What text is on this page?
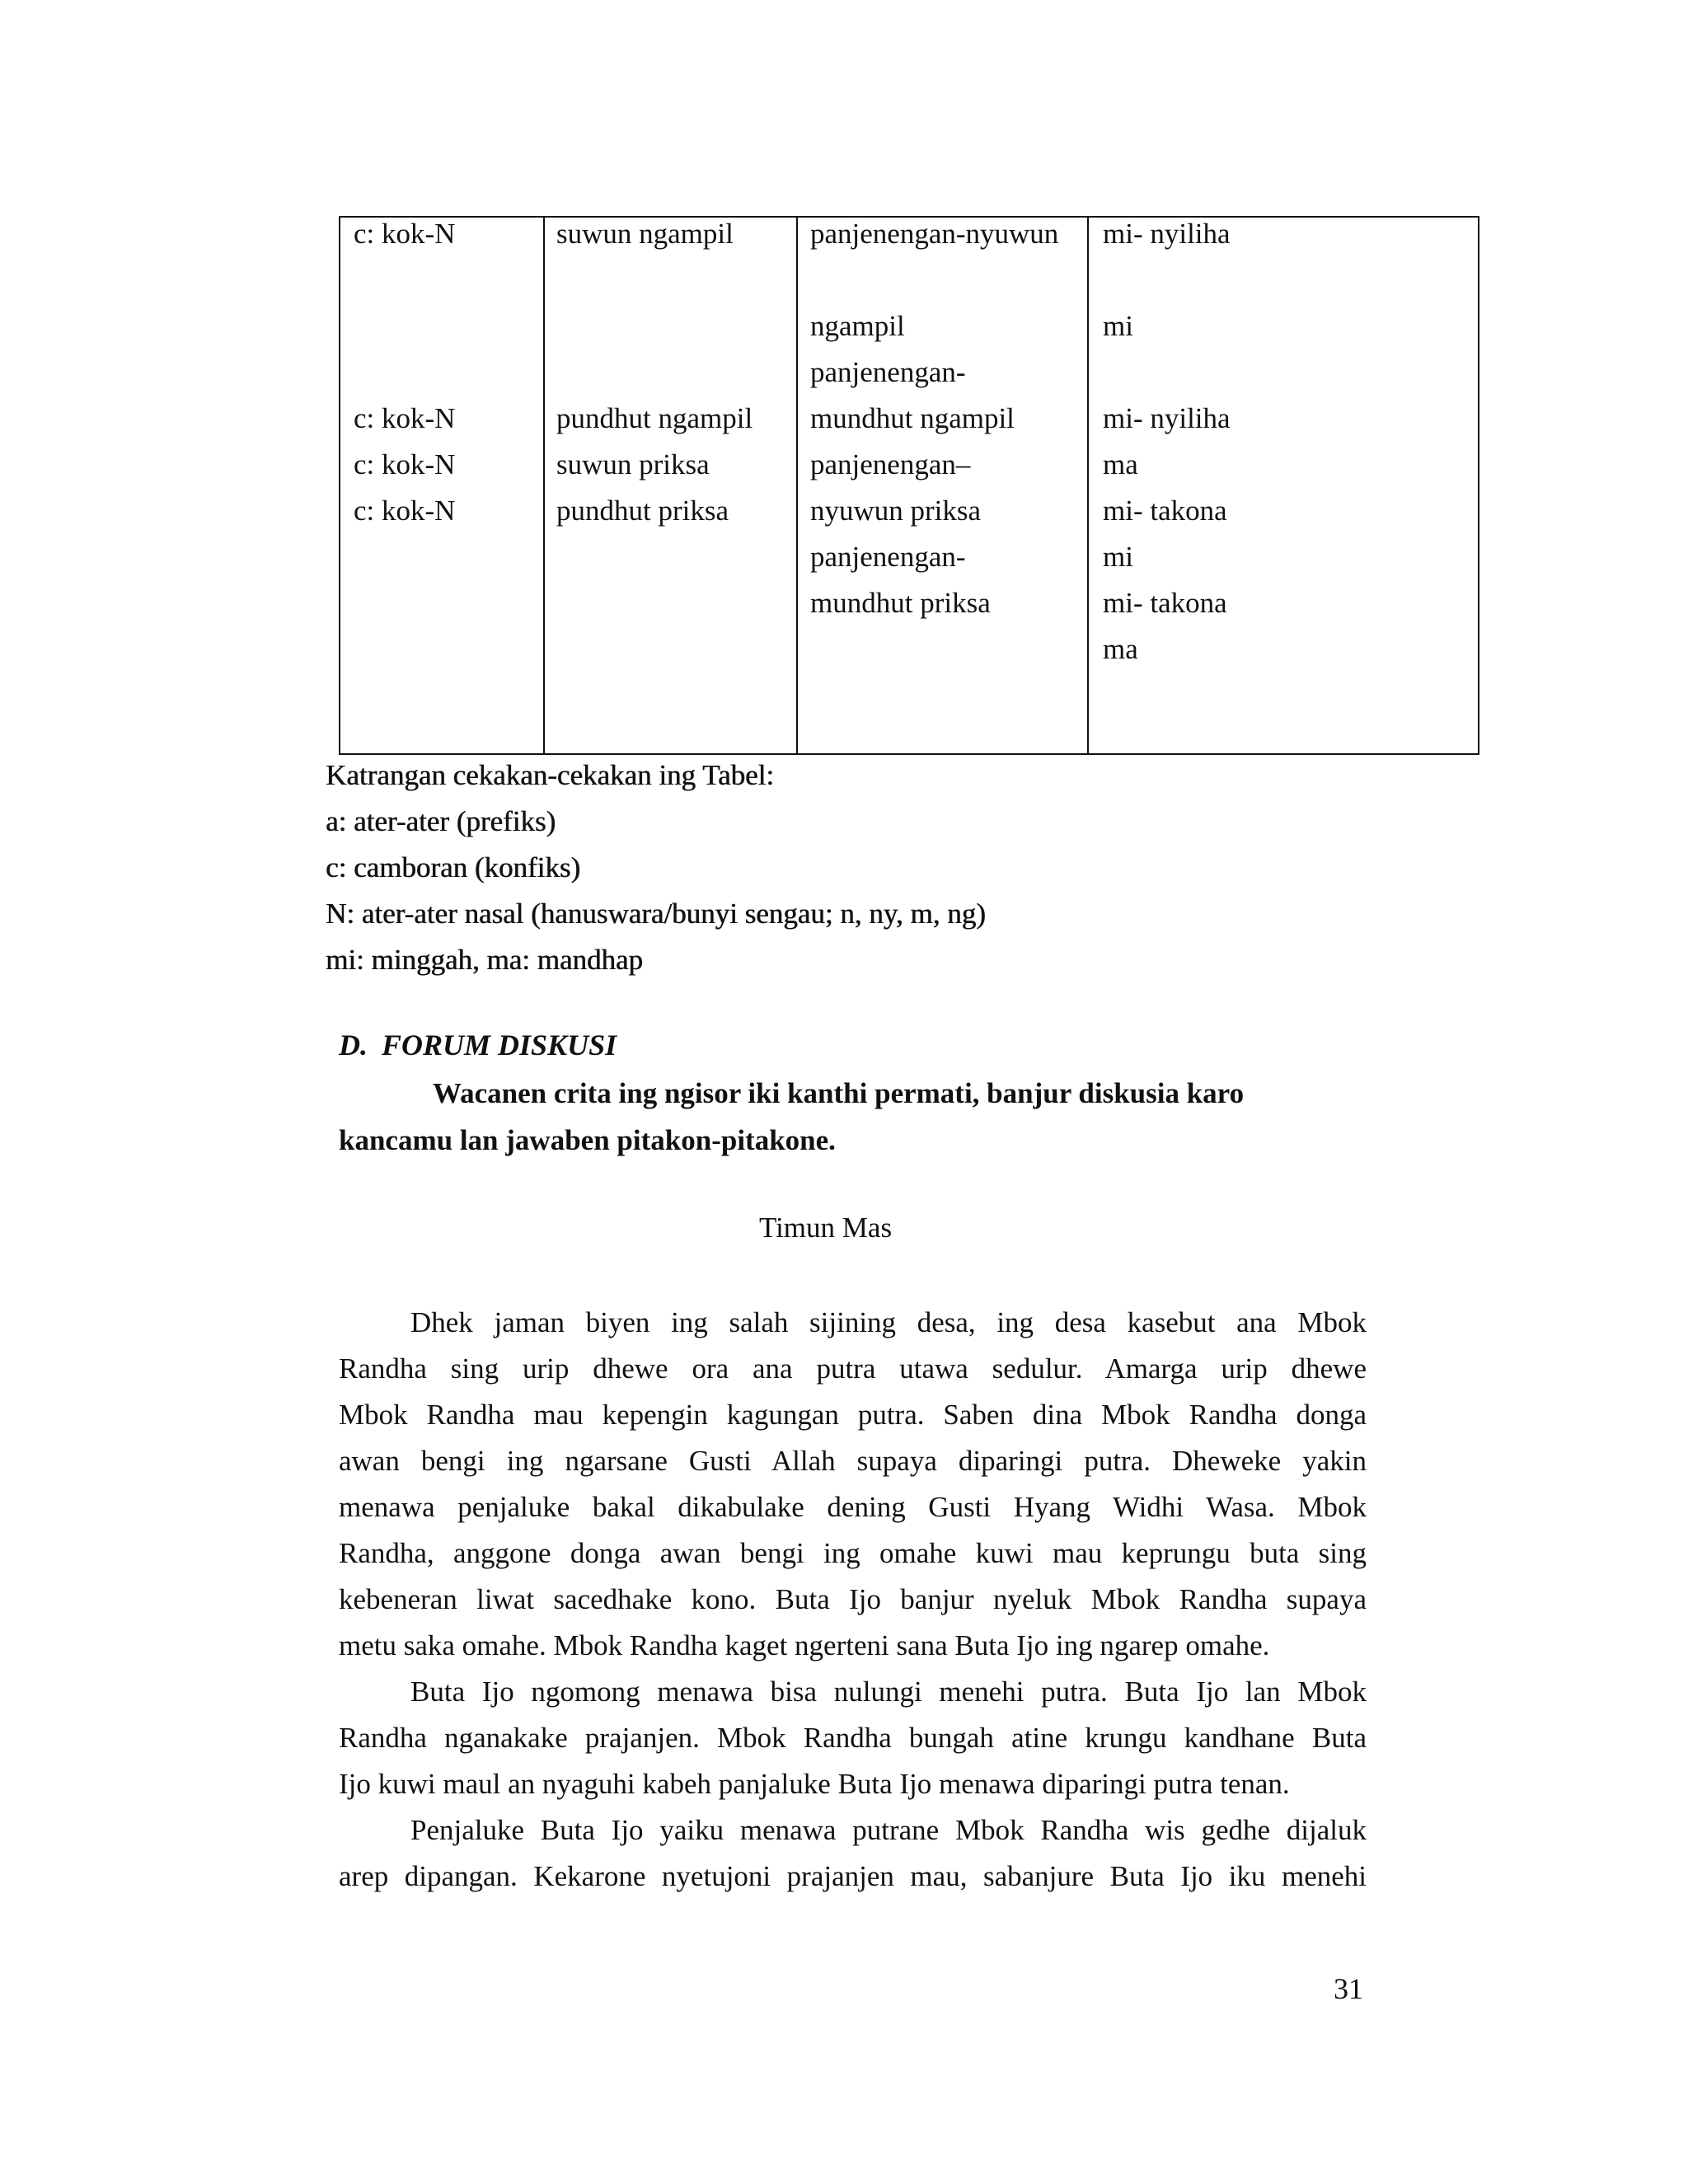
c: kok-N
c: kok-N
c: kok-N
c: kok-N
suwun ngampil
pundhut ngampil
suwun priksa
pundhut priksa
panjenengan-nyuwun
ngampil
panjenengan-
mundhut ngampil
panjenengan–
nyuwun priksa
panjenengan-
mundhut priksa
mi- nyiliha
mi
mi- nyiliha
ma
mi- takona
mi
mi- takona
ma
Katrangan cekakan-cekakan ing Tabel:
a: ater-ater (prefiks)
c: camboran (konfiks)
N: ater-ater nasal (hanuswara/bunyi sengau; n, ny, m, ng)
mi: minggah, ma: mandhap
D. FORUM DISKUSI
Wacanen crita ing ngisor iki kanthi permati, banjur diskusia karo
kancamu lan jawaben pitakon-pitakone.
Timun Mas
Dhek jaman biyen ing salah sijining desa, ing desa kasebut ana Mbok
Randha sing urip dhewe ora ana putra utawa sedulur. Amarga urip dhewe
Mbok Randha mau kepengin kagungan putra. Saben dina Mbok Randha donga
awan bengi ing ngarsane Gusti Allah supaya diparingi putra. Dheweke yakin
menawa penjaluke bakal dikabulake dening Gusti Hyang Widhi Wasa. Mbok
Randha, anggone donga awan bengi ing omahe kuwi mau keprungu buta sing
kebeneran liwat sacedhake kono. Buta Ijo banjur nyeluk Mbok Randha supaya
metu saka omahe. Mbok Randha kaget ngerteni sana Buta Ijo ing ngarep omahe.
Buta Ijo ngomong menawa bisa nulungi menehi putra. Buta Ijo lan Mbok
Randha nganakake prajanjen. Mbok Randha bungah atine krungu kandhane Buta
Ijo kuwi maul an nyaguhi kabeh panjaluke Buta Ijo menawa diparingi putra tenan.
Penjaluke Buta Ijo yaiku menawa putrane Mbok Randha wis gedhe dijaluk
arep dipangan. Kekarone nyetujoni prajanjen mau, sabanjure Buta Ijo iku menehi
31
